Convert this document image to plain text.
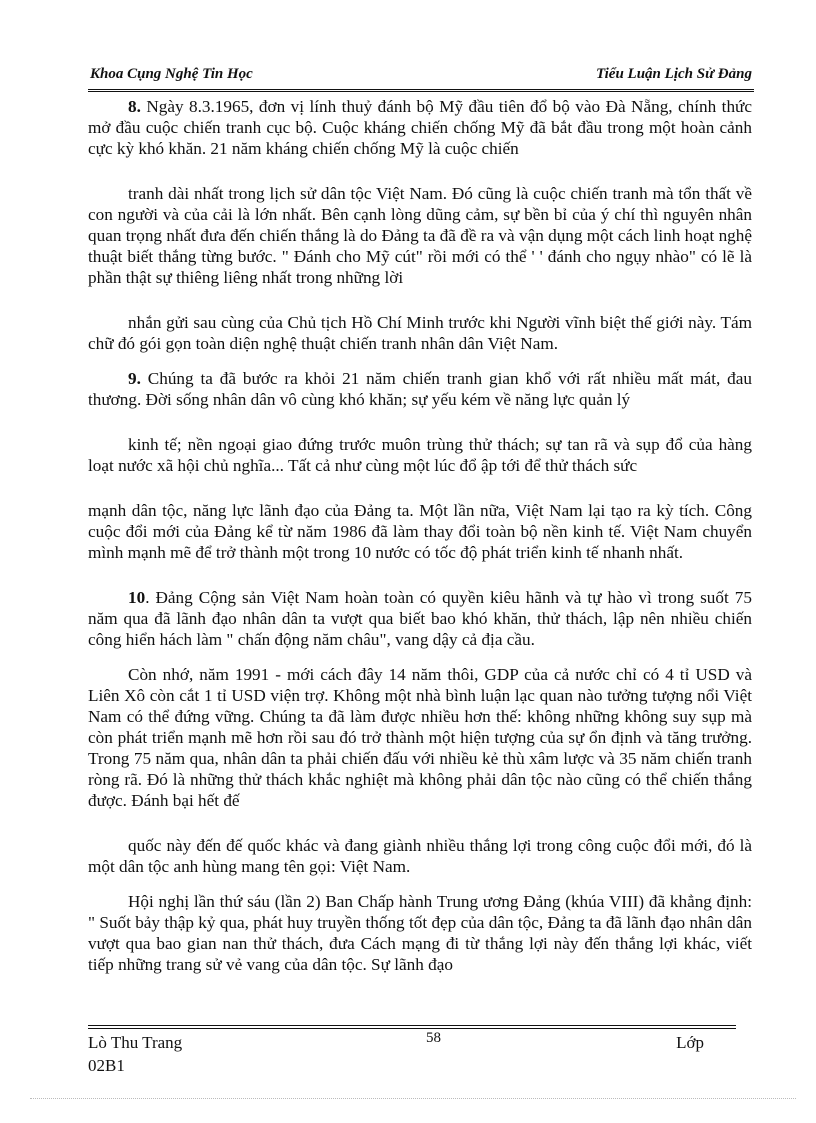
Khoa Cụng Nghệ Tin Học	Tiểu Luận Lịch Sử Đảng

8. Ngày 8.3.1965, đơn vị lính thuỷ đánh bộ Mỹ đầu tiên đổ bộ vào Đà Nẵng, chính thức mở đầu cuộc chiến tranh cục bộ. Cuộc kháng chiến chống Mỹ đã bắt đầu trong một hoàn cảnh cực kỳ khó khăn. 21 năm kháng chiến chống Mỹ là cuộc chiến

tranh dài nhất trong lịch sử dân tộc Việt Nam. Đó cũng là cuộc chiến tranh mà tổn thất về con người và của cải là lớn nhất. Bên cạnh lòng dũng cảm, sự bền bỉ của ý chí thì nguyên nhân quan trọng nhất đưa đến chiến thắng là do Đảng ta đã đề ra và vận dụng một cách linh hoạt nghệ thuật biết thắng từng bước. " Đánh cho Mỹ cút" rồi mới có thể ' ' đánh cho ngụy nhào" có lẽ là phần thật sự thiêng liêng nhất trong những lời

nhắn gửi sau cùng của Chủ tịch Hồ Chí Minh trước khi Người vĩnh biệt thế giới này. Tám chữ đó gói gọn toàn diện nghệ thuật chiến tranh nhân dân Việt Nam.

9. Chúng ta đã bước ra khỏi 21 năm chiến tranh gian khổ với rất nhiều mất mát, đau thương. Đời sống nhân dân vô cùng khó khăn; sự yếu kém về năng lực quản lý

kinh tế; nền ngoại giao đứng trước muôn trùng thử thách; sự tan rã và sụp đổ của hàng loạt nước xã hội chủ nghĩa... Tất cả như cùng một lúc đổ ập tới để thử thách sức

mạnh dân tộc, năng lực lãnh đạo của Đảng ta. Một lần nữa, Việt Nam lại tạo ra kỳ tích. Công cuộc đổi mới của Đảng kể từ năm 1986 đã làm thay đổi toàn bộ nền kinh tế. Việt Nam chuyển mình mạnh mẽ để trở thành một trong 10 nước có tốc độ phát triển kinh tế nhanh nhất.

10. Đảng Cộng sản Việt Nam hoàn toàn có quyền kiêu hãnh và tự hào vì trong suốt 75 năm qua đã lãnh đạo nhân dân ta vượt qua biết bao khó khăn, thử thách, lập nên nhiều chiến công hiển hách làm " chấn động năm châu", vang dậy cả địa cầu.

Còn nhớ, năm 1991 - mới cách đây 14 năm thôi, GDP của cả nước chỉ có 4 tỉ USD và Liên Xô còn cắt 1 tỉ USD viện trợ. Không một nhà bình luận lạc quan nào tưởng tượng nổi Việt Nam có thể đứng vững. Chúng ta đã làm được nhiều hơn thế: không những không suy sụp mà còn phát triển mạnh mẽ hơn rồi sau đó trở thành một hiện tượng của sự ổn định và tăng trưởng. Trong 75 năm qua, nhân dân ta phải chiến đấu với nhiều kẻ thù xâm lược và 35 năm chiến tranh ròng rã. Đó là những thử thách khắc nghiệt mà không phải dân tộc nào cũng có thể chiến thắng được. Đánh bại hết đế

quốc này đến đế quốc khác và đang giành nhiều thắng lợi trong công cuộc đổi mới, đó là một dân tộc anh hùng mang tên gọi: Việt Nam.

Hội nghị lần thứ sáu (lần 2) Ban Chấp hành Trung ương Đảng (khúa VIII) đã khẳng định: " Suốt bảy thập kỷ qua, phát huy truyền thống tốt đẹp của dân tộc, Đảng ta đã lãnh đạo nhân dân vượt qua bao gian nan thử thách, đưa Cách mạng đi từ thắng lợi này đến thắng lợi khác, viết tiếp những trang sử vẻ vang của dân tộc. Sự lãnh đạo

Lò Thu Trang	58	Lớp
02B1
